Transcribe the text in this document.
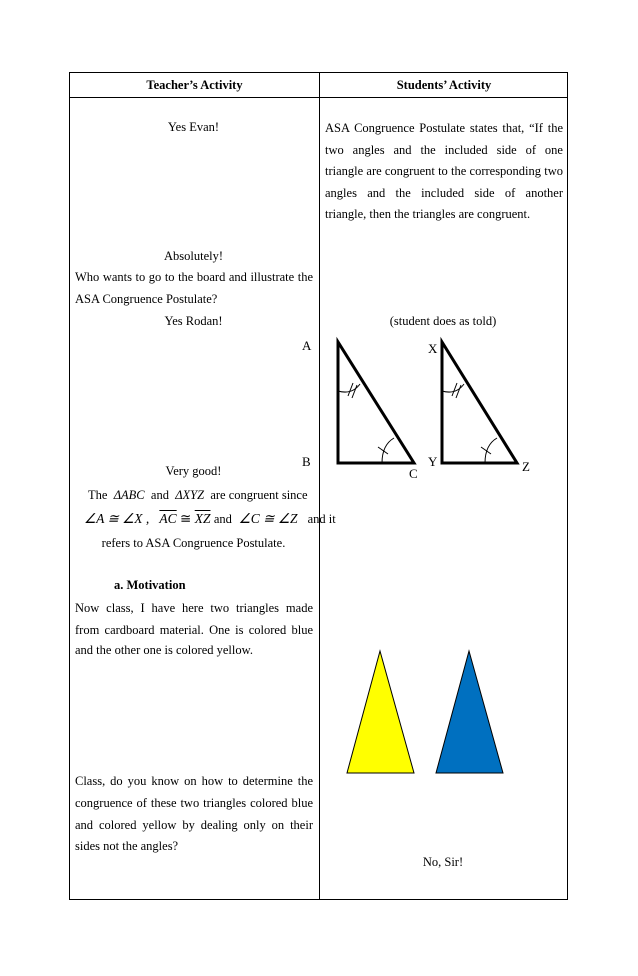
Teacher’s Activity	Students’ Activity
Yes Evan!
Absolutely!
Who wants to go to the board and illustrate the
ASA Congruence Postulate?
Yes Rodan!
Very good!
The ΔABC and ΔXYZ are congruent since
∠A ≅ ∠X , $\overline{AC}$ ≅ $\overline{XZ}$ and ∠C ≅ ∠Z and it
refers to ASA Congruence Postulate.
a. Motivation
Now class, I have here two triangles made
from cardboard material. One is colored blue
and the other one is colored yellow.
Class, do you know on how to determine the
congruence of these two triangles colored blue
and colored yellow by dealing only on their
sides not the angles?
ASA Congruence Postulate states that, “If the
two angles and the included side of one
triangle are congruent to the corresponding two
angles and the included side of another
triangle, then the triangles are congruent.
(student does as told)
No, Sir!
A
B
C
X
Y	Z
